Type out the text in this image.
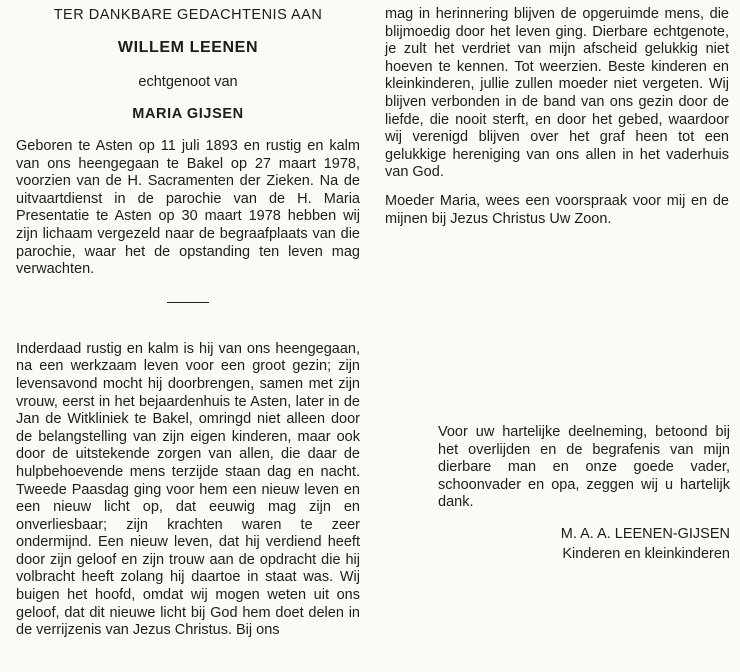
TER DANKBARE GEDACHTENIS AAN

WILLEM LEENEN

echtgenoot van

MARIA GIJSEN

Geboren te Asten op 11 juli 1893 en rustig en kalm van ons heengegaan te Bakel op 27 maart 1978, voorzien van de H. Sacramenten der Zieken. Na de uitvaartdienst in de parochie van de H. Maria Presentatie te Asten op 30 maart 1978 hebben wij zijn lichaam vergezeld naar de begraafplaats van die parochie, waar het de opstanding ten leven mag verwachten.

Inderdaad rustig en kalm is hij van ons heengegaan, na een werkzaam leven voor een groot gezin; zijn levensavond mocht hij doorbrengen, samen met zijn vrouw, eerst in het bejaardenhuis te Asten, later in de Jan de Witkliniek te Bakel, omringd niet alleen door de belangstelling van zijn eigen kinderen, maar ook door de uitstekende zorgen van allen, die daar de hulpbehoevende mens terzijde staan dag en nacht. Tweede Paasdag ging voor hem een nieuw leven en een nieuw licht op, dat eeuwig mag zijn en onverliesbaar; zijn krachten waren te zeer ondermijnd. Een nieuw leven, dat hij verdiend heeft door zijn geloof en zijn trouw aan de opdracht die hij volbracht heeft zolang hij daartoe in staat was. Wij buigen het hoofd, omdat wij mogen weten uit ons geloof, dat dit nieuwe licht bij God hem doet delen in de verrijzenis van Jezus Christus. Bij ons

mag in herinnering blijven de opgeruimde mens, die blijmoedig door het leven ging. Dierbare echtgenote, je zult het verdriet van mijn afscheid gelukkig niet hoeven te kennen. Tot weerzien. Beste kinderen en kleinkinderen, jullie zullen moeder niet vergeten. Wij blijven verbonden in de band van ons gezin door de liefde, die nooit sterft, en door het gebed, waardoor wij verenigd blijven over het graf heen tot een gelukkige hereniging van ons allen in het vaderhuis van God.

Moeder Maria, wees een voorspraak voor mij en de mijnen bij Jezus Christus Uw Zoon.

Voor uw hartelijke deelneming, betoond bij het overlijden en de begrafenis van mijn dierbare man en onze goede vader, schoonvader en opa, zeggen wij u hartelijk dank.

M. A. A. LEENEN-GIJSEN

Kinderen en kleinkinderen
